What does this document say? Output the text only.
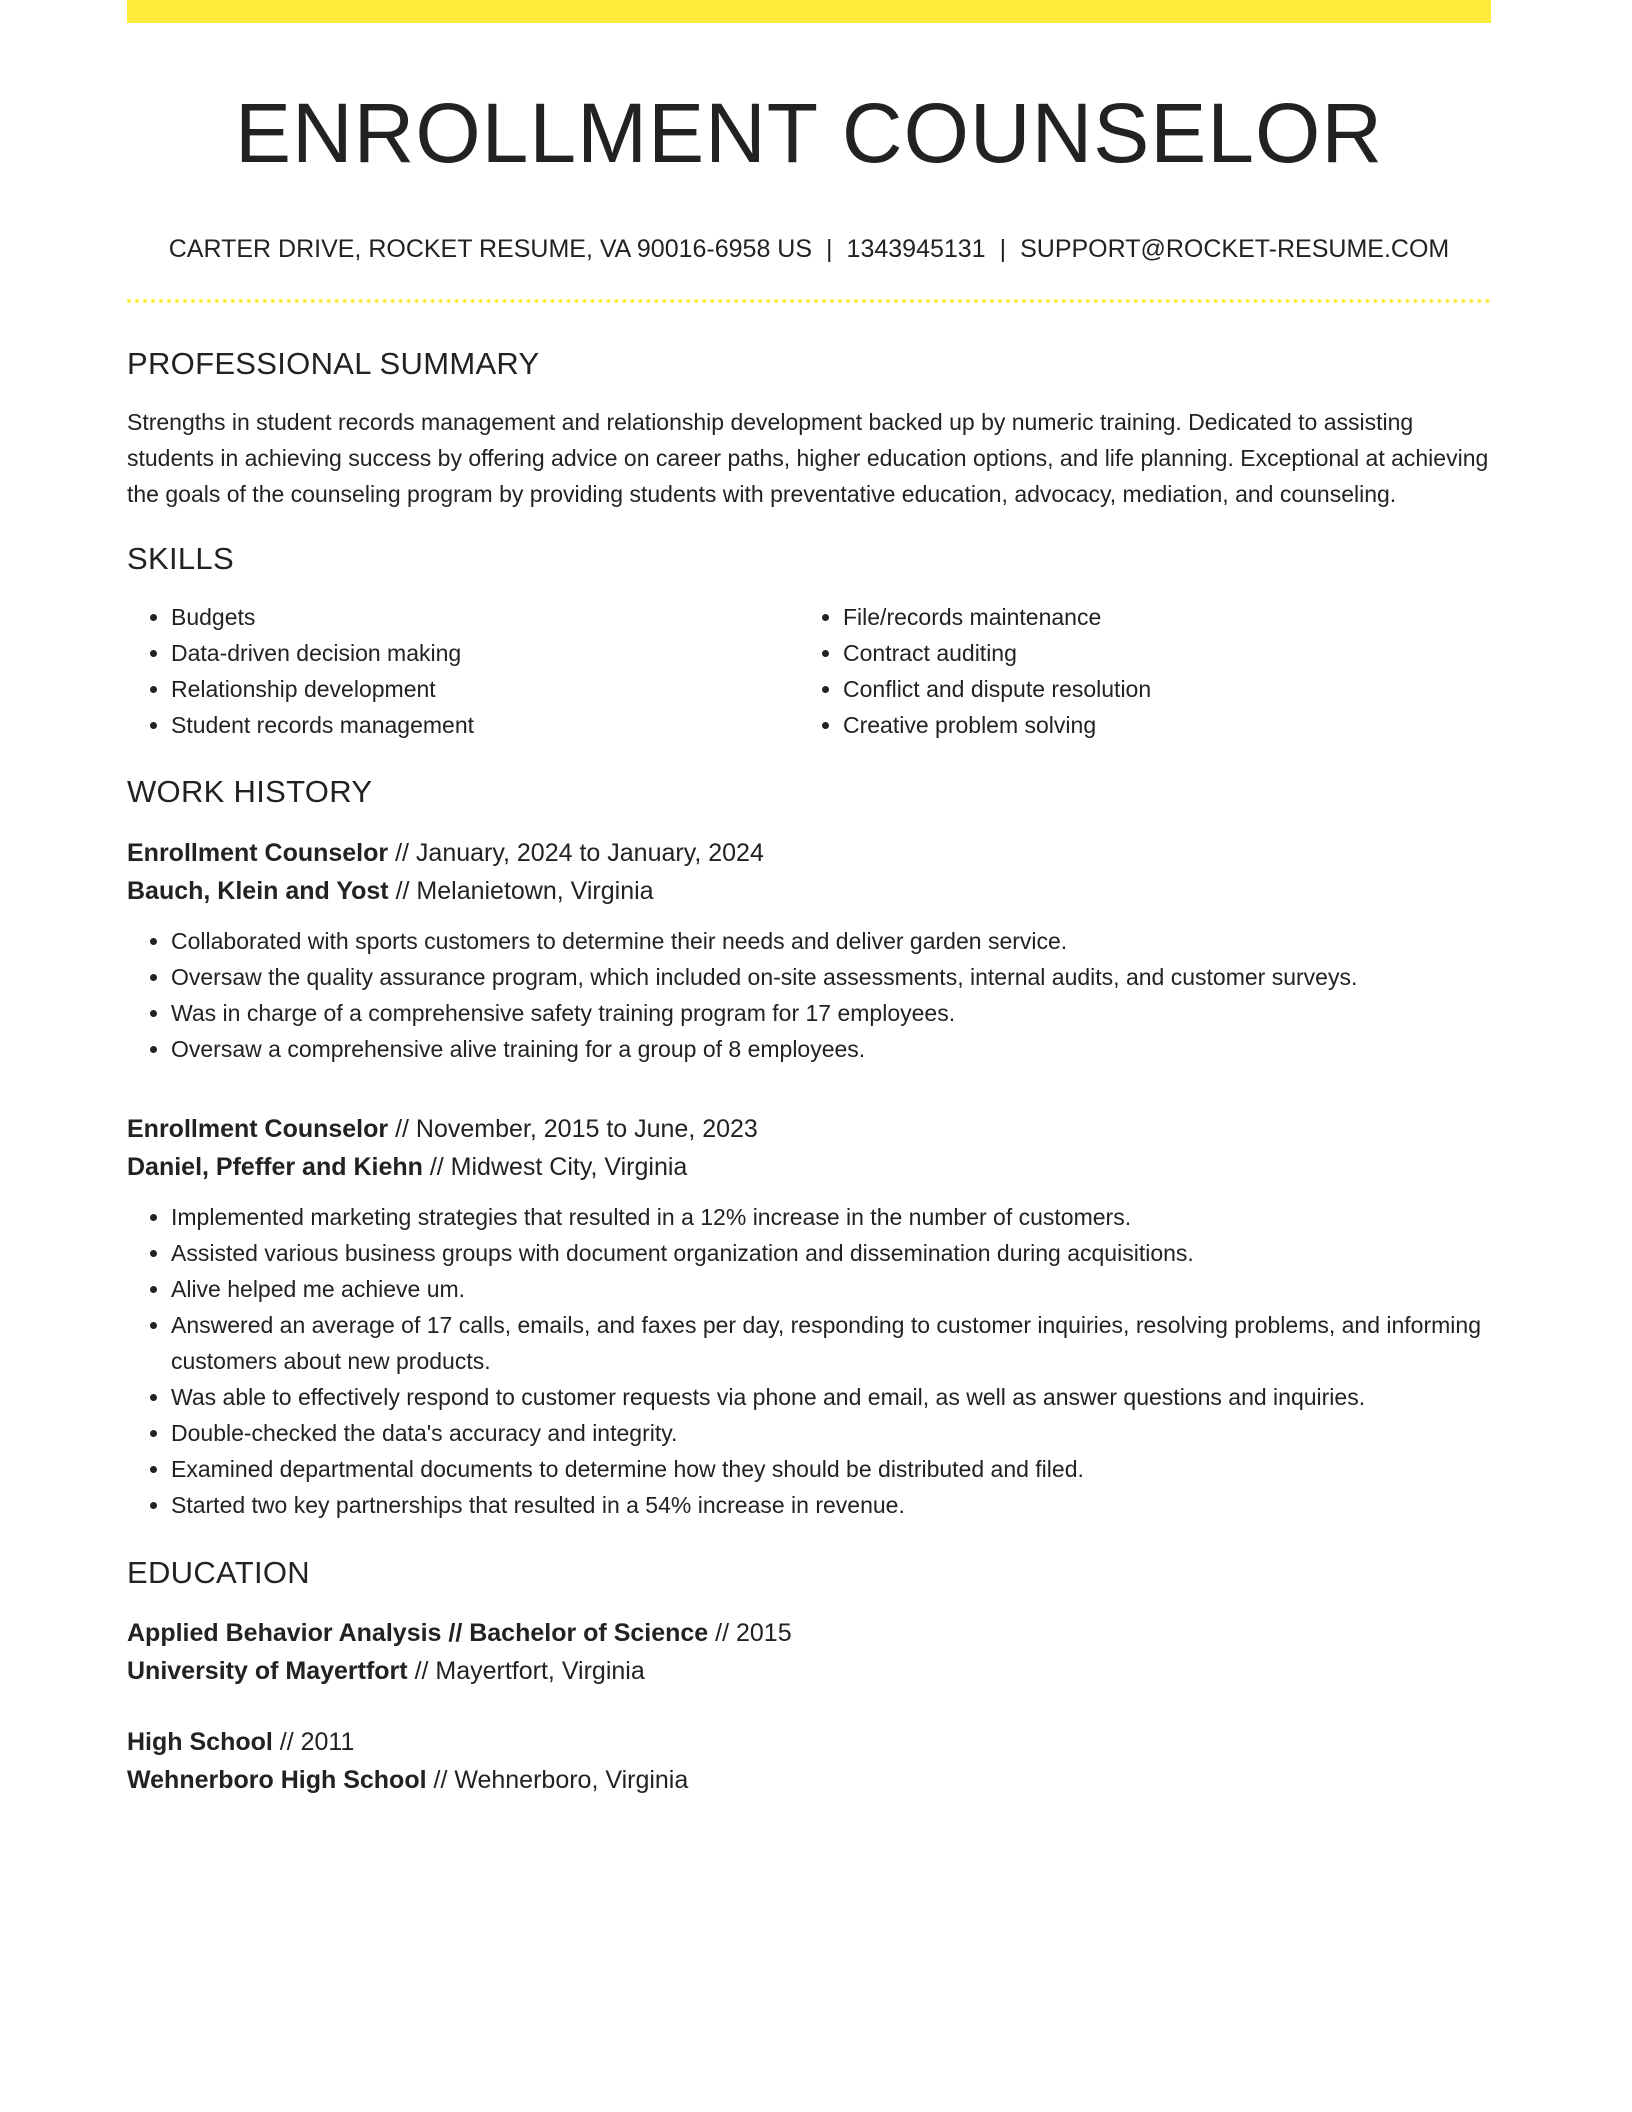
ENROLLMENT COUNSELOR
CARTER DRIVE, ROCKET RESUME, VA 90016-6958 US | 1343945131 | SUPPORT@ROCKET-RESUME.COM
PROFESSIONAL SUMMARY
Strengths in student records management and relationship development backed up by numeric training. Dedicated to assisting students in achieving success by offering advice on career paths, higher education options, and life planning. Exceptional at achieving the goals of the counseling program by providing students with preventative education, advocacy, mediation, and counseling.
SKILLS
• Budgets
• Data-driven decision making
• Relationship development
• Student records management
• File/records maintenance
• Contract auditing
• Conflict and dispute resolution
• Creative problem solving
WORK HISTORY
Enrollment Counselor // January, 2024 to January, 2024
Bauch, Klein and Yost // Melanietown, Virginia
• Collaborated with sports customers to determine their needs and deliver garden service.
• Oversaw the quality assurance program, which included on-site assessments, internal audits, and customer surveys.
• Was in charge of a comprehensive safety training program for 17 employees.
• Oversaw a comprehensive alive training for a group of 8 employees.
Enrollment Counselor // November, 2015 to June, 2023
Daniel, Pfeffer and Kiehn // Midwest City, Virginia
• Implemented marketing strategies that resulted in a 12% increase in the number of customers.
• Assisted various business groups with document organization and dissemination during acquisitions.
• Alive helped me achieve um.
• Answered an average of 17 calls, emails, and faxes per day, responding to customer inquiries, resolving problems, and informing customers about new products.
• Was able to effectively respond to customer requests via phone and email, as well as answer questions and inquiries.
• Double-checked the data's accuracy and integrity.
• Examined departmental documents to determine how they should be distributed and filed.
• Started two key partnerships that resulted in a 54% increase in revenue.
EDUCATION
Applied Behavior Analysis // Bachelor of Science // 2015
University of Mayertfort // Mayertfort, Virginia
High School // 2011
Wehnerboro High School // Wehnerboro, Virginia
